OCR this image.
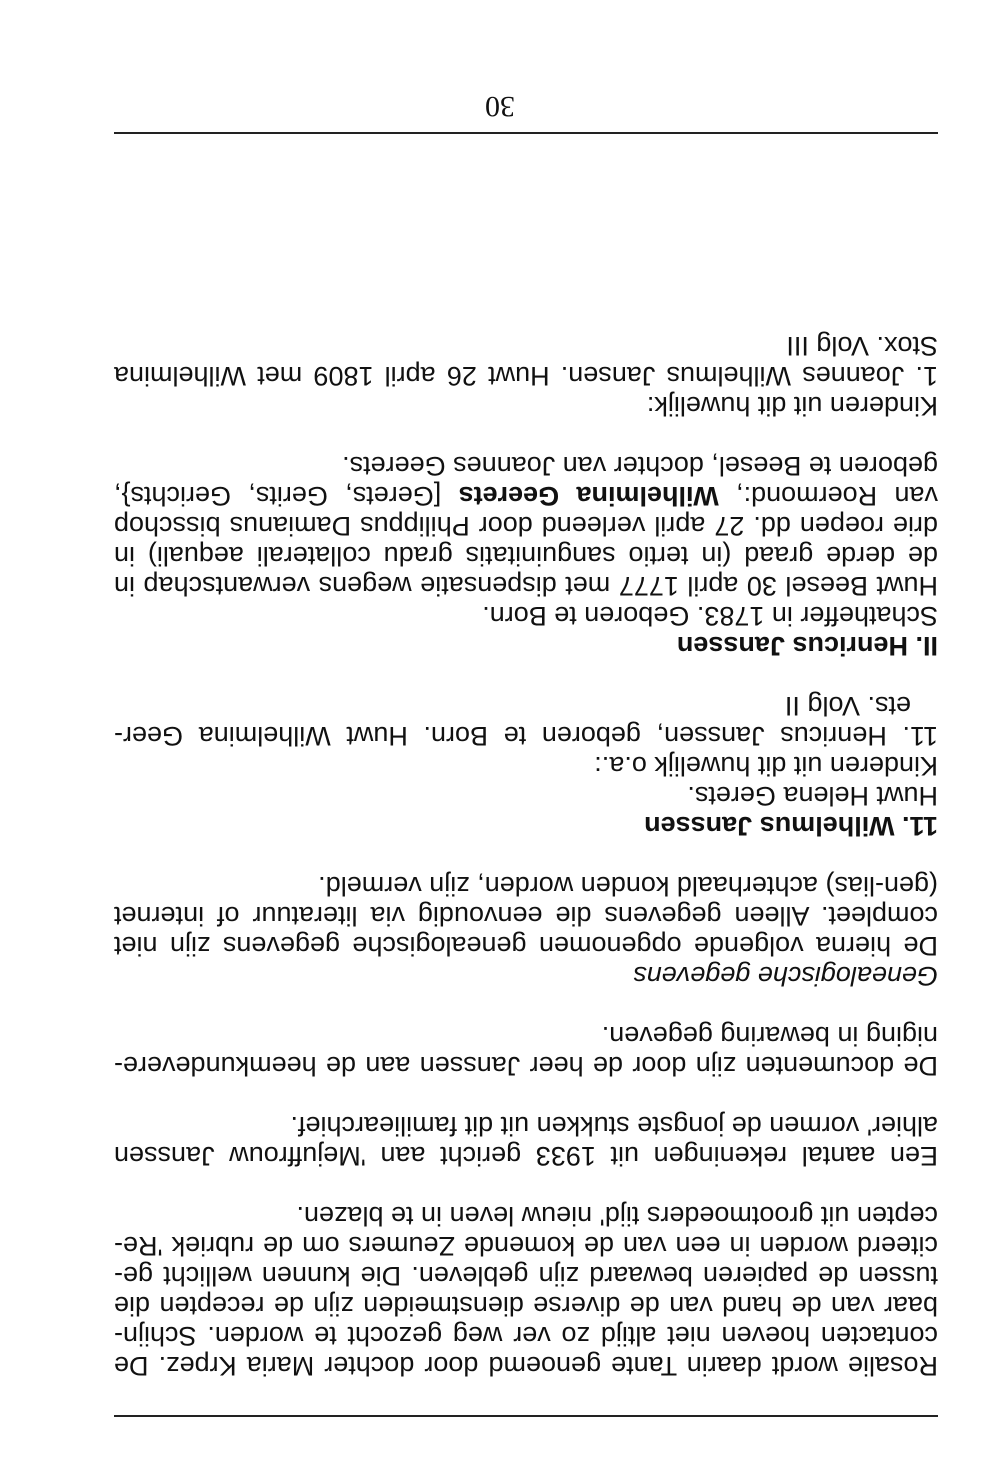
Rosalie wordt daarin Tante genoemd door dochter Maria Krpez. De
contacten hoeven niet altijd zo ver weg gezocht te worden. Schijn-
baar van de hand van de diverse dienstmeiden zijn de recepten die
tussen de papieren bewaard zijn gebleven. Die kunnen wellicht ge-
citeerd worden in een van de komende Zeumers om de rubriek 'Re-
cepten uit grootmoeders tijd' nieuw leven in te blazen.
Een aantal rekeningen uit 1933 gericht aan 'Mejuffrouw Janssen
alhier' vormen de jongste stukken uit dit familiearchief.
De documenten zijn door de heer Janssen aan de heemkundevere-
niging in bewaring gegeven.
Genealogische gegevens
De hierna volgende opgenomen genealogische gegevens zijn niet
compleet. Alleen gegevens die eenvoudig via literatuur of internet
(gen-lias) achterhaald konden worden, zijn vermeld.
11. Wilhelmus Janssen
Huwt Helena Gerets.
Kinderen uit dit huwelijk o.a.:
11. Henricus Janssen, geboren te Born. Huwt Wilhelmina Geer-
ets. Volg II
II. Henricus Janssen
Schatheffer in 1783. Geboren te Born.
Huwt Beesel 30 april 1777 met dispensatie wegens verwantschap in
de derde graad (in tertio sanguinitatis gradu collaterali aequali) in
drie roepen dd. 27 april verleend door Philippus Damianus bisschop
van Roermond:, Wilhelmina Geerets [Gerets, Gerits, Gerichts},
geboren te Beesel, dochter van Joannes Geerets.
Kinderen uit dit huwelijk:
1. Joannes Wilhelmus Jansen. Huwt 26 april 1809 met Wilhelmina
Stox. Volg III
30
